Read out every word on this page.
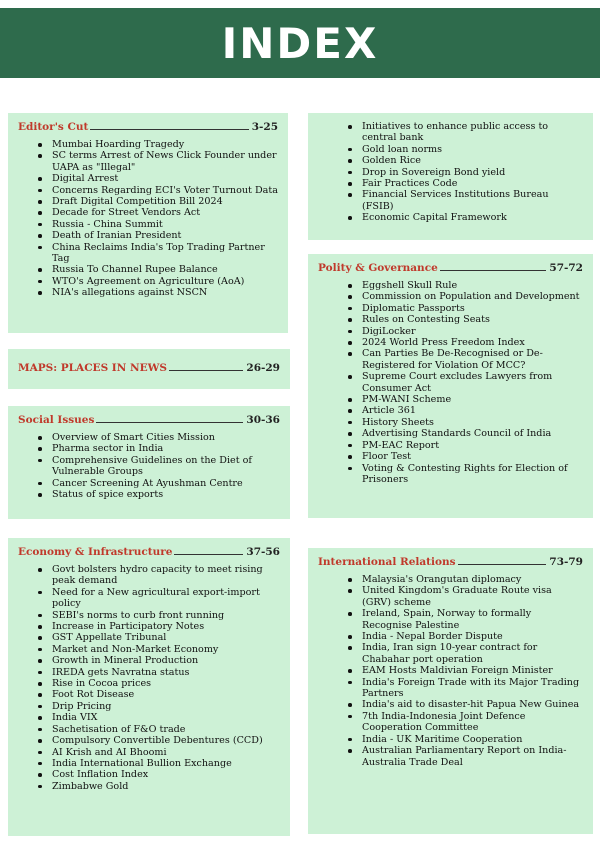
INDEX
Editor's Cut	3-25
Mumbai Hoarding Tragedy
SC terms Arrest of News Click Founder under UAPA as "Illegal"
Digital Arrest
Concerns Regarding ECI's Voter Turnout Data
Draft Digital Competition Bill 2024
Decade for Street Vendors Act
Russia - China Summit
Death of Iranian President
China Reclaims India's Top Trading Partner Tag
Russia To Channel Rupee Balance
WTO's Agreement on Agriculture (AoA)
NIA's allegations against NSCN
MAPS: PLACES IN NEWS	26-29
Social Issues	30-36
Overview of Smart Cities Mission
Pharma sector in India
Comprehensive Guidelines on the Diet of Vulnerable Groups
Cancer Screening At Ayushman Centre
Status of spice exports
Economy & Infrastructure	37-56
Govt bolsters hydro capacity to meet rising peak demand
Need for a New agricultural export-import policy
SEBI's norms to curb front running
Increase in Participatory Notes
GST Appellate Tribunal
Market and Non-Market Economy
Growth in Mineral Production
IREDA gets Navratna status
Rise in Cocoa prices
Foot Rot Disease
Drip Pricing
India VIX
Sachetisation of F&O trade
Compulsory Convertible Debentures (CCD)
AI Krish and AI Bhoomi
India International Bullion Exchange
Cost Inflation Index
Zimbabwe Gold
Initiatives to enhance public access to central bank
Gold loan norms
Golden Rice
Drop in Sovereign Bond yield
Fair Practices Code
Financial Services Institutions Bureau (FSIB)
Economic Capital Framework
Polity & Governance	57-72
Eggshell Skull Rule
Commission on Population and Development
Diplomatic Passports
Rules on Contesting Seats
DigiLocker
2024 World Press Freedom Index
Can Parties Be De-Recognised or De-Registered for Violation Of MCC?
Supreme Court excludes Lawyers from Consumer Act
PM-WANI Scheme
Article 361
History Sheets
Advertising Standards Council of India
PM-EAC Report
Floor Test
Voting & Contesting Rights for Election of Prisoners
International Relations	73-79
Malaysia's Orangutan diplomacy
United Kingdom's Graduate Route visa (GRV) scheme
Ireland, Spain, Norway to formally Recognise Palestine
India - Nepal Border Dispute
India, Iran sign 10-year contract for Chabahar port operation
EAM Hosts Maldivian Foreign Minister
India's Foreign Trade with its Major Trading Partners
India's aid to disaster-hit Papua New Guinea
7th India-Indonesia Joint Defence Cooperation Committee
India - UK Maritime Cooperation
Australian Parliamentary Report on India-Australia Trade Deal
